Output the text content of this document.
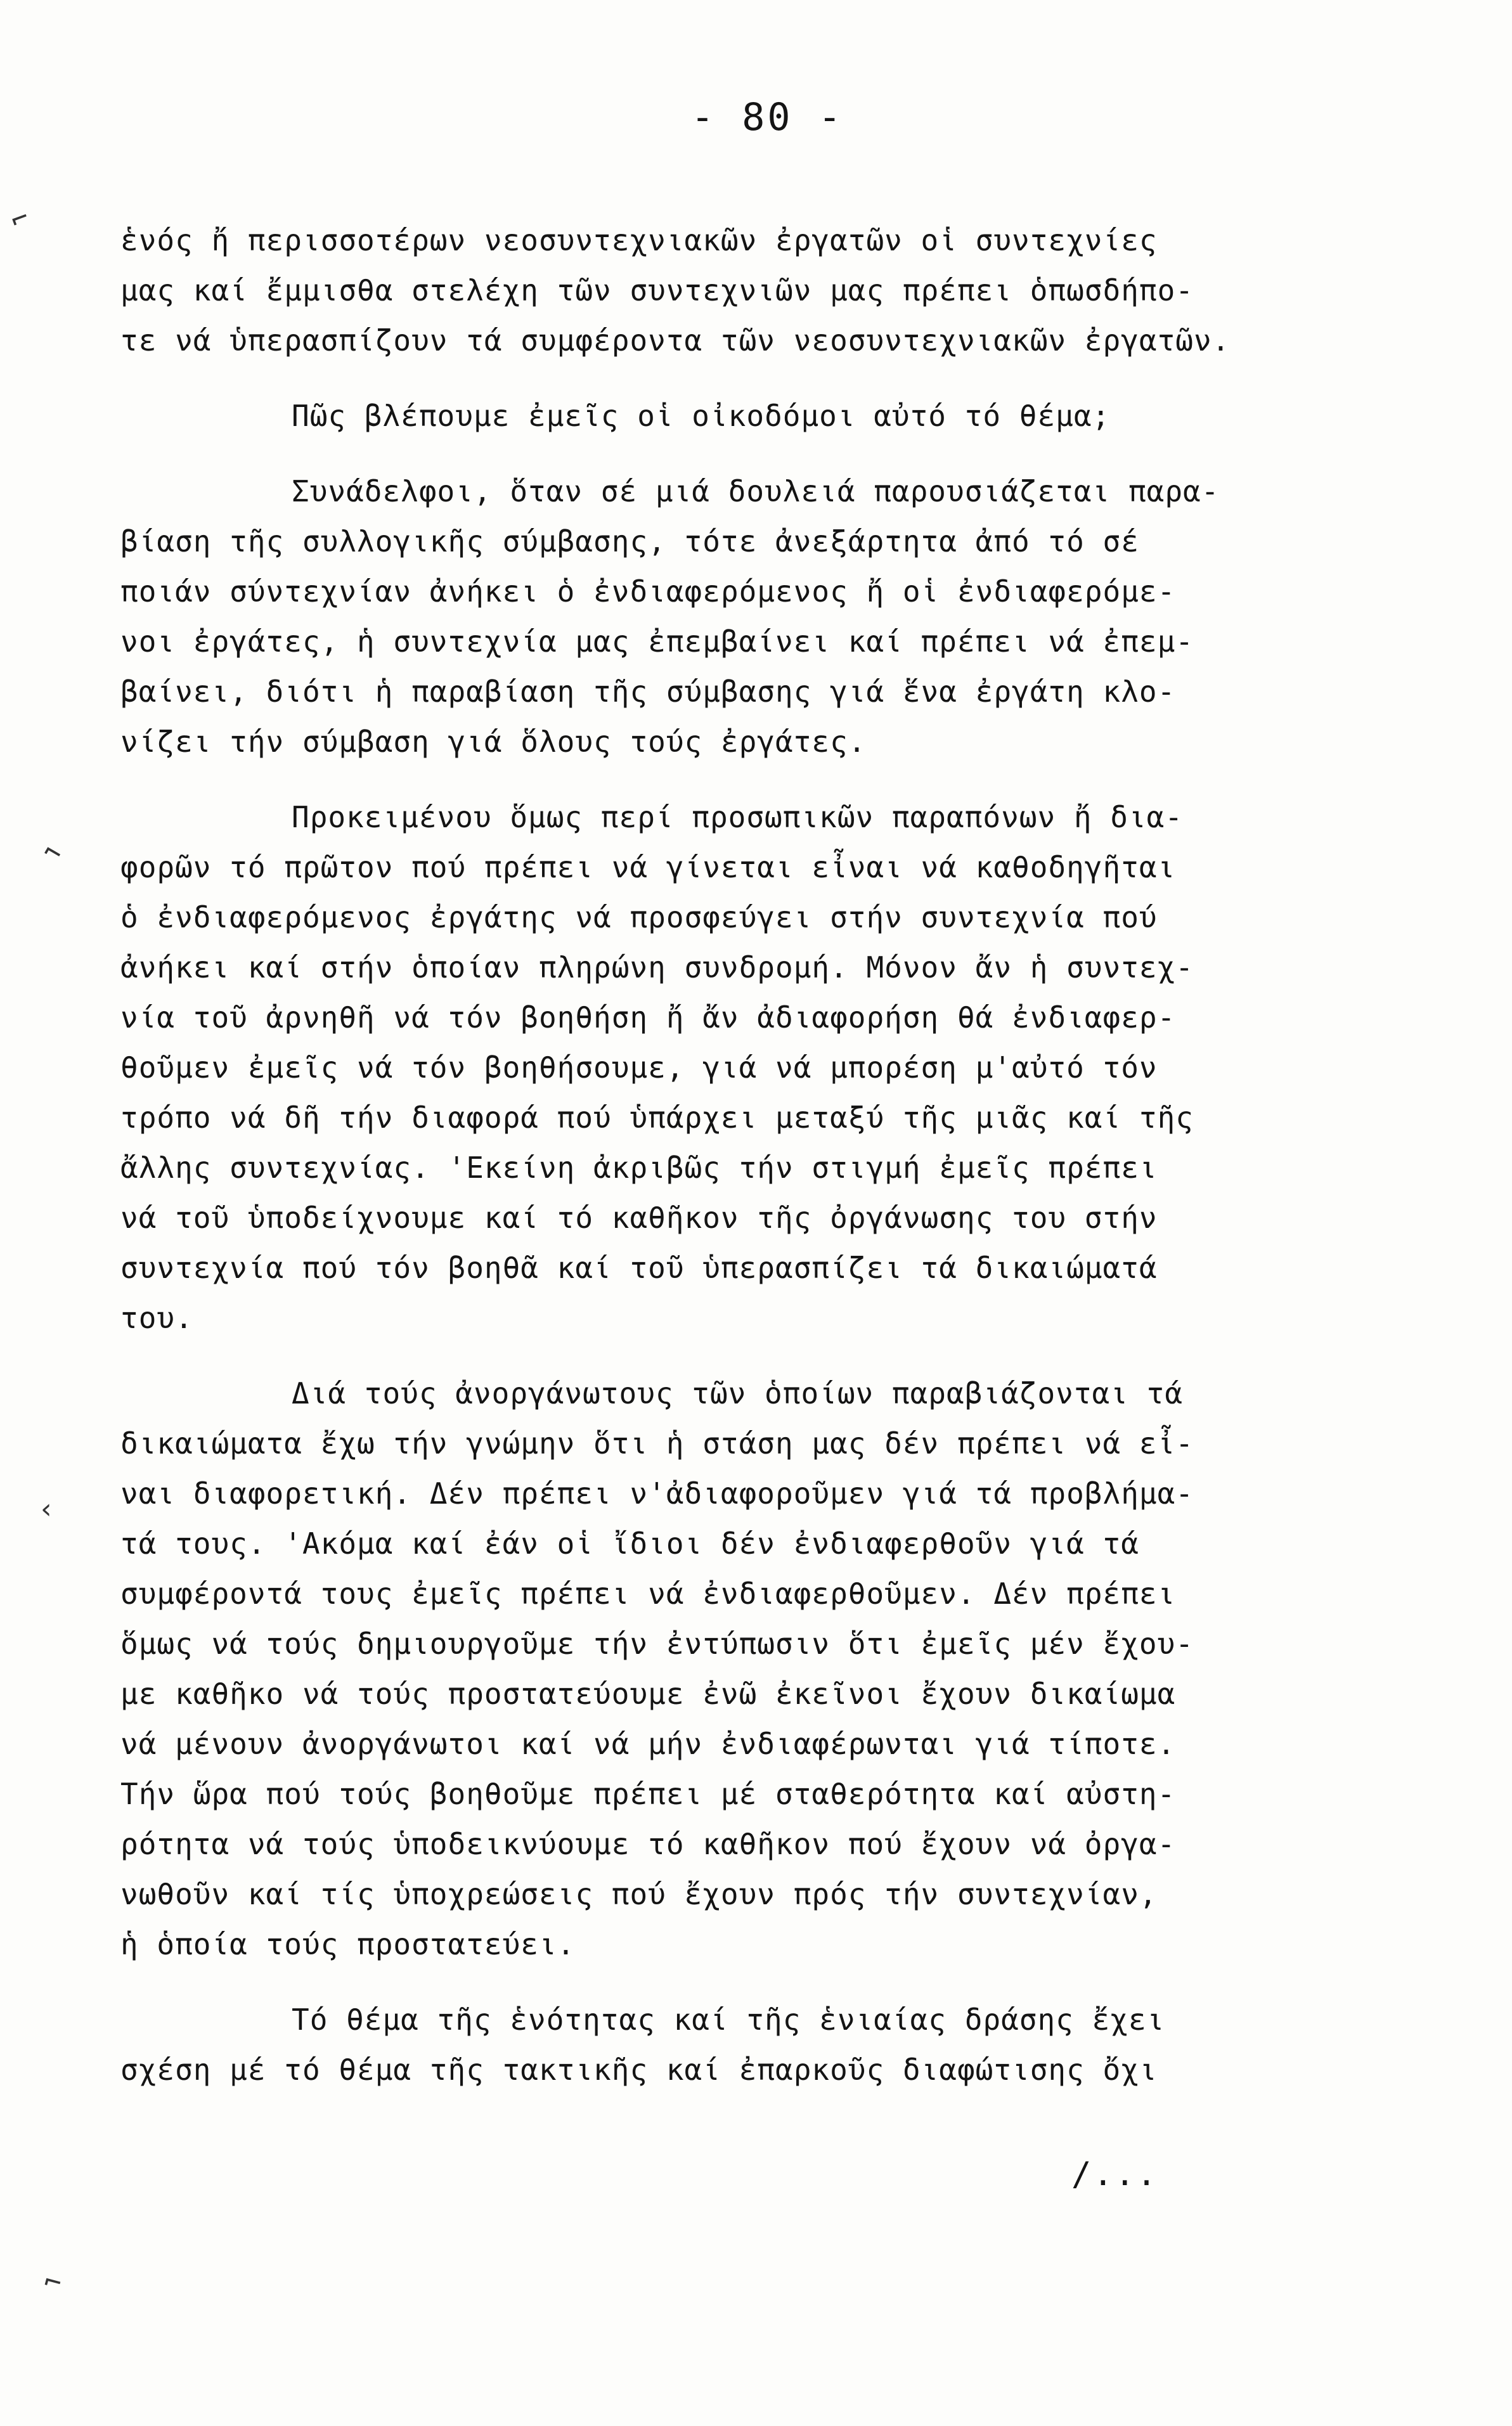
- 80 -
ἑνός ἤ περισσοτέρων νεοσυντεχνιακῶν ἐργατῶν οἱ συντεχνίες
μας καί ἔμμισθα στελέχη τῶν συντεχνιῶν μας πρέπει ὁπωσδήπο-
τε νά ὑπερασπίζουν τά συμφέροντα τῶν νεοσυντεχνιακῶν ἐργατῶν.
Πῶς βλέπουμε ἐμεῖς οἱ οἰκοδόμοι αὐτό τό θέμα;
Συνάδελφοι, ὅταν σέ μιά δουλειά παρουσιάζεται παρα-
βίαση τῆς συλλογικῆς σύμβασης, τότε ἀνεξάρτητα ἀπό τό σέ
ποιάν σύντεχνίαν ἀνήκει ὁ ἐνδιαφερόμενος ἤ οἱ ἐνδιαφερόμε-
νοι ἐργάτες, ἡ συντεχνία μας ἐπεμβαίνει καί πρέπει νά ἐπεμ-
βαίνει, διότι ἡ παραβίαση τῆς σύμβασης γιά ἕνα ἐργάτη κλο-
νίζει τήν σύμβαση γιά ὅλους τούς ἐργάτες.
Προκειμένου ὅμως περί προσωπικῶν παραπόνων ἤ δια-
φορῶν τό πρῶτον πού πρέπει νά γίνεται εἶναι νά καθοδηγῆται
ὁ ἐνδιαφερόμενος ἐργάτης νά προσφεύγει στήν συντεχνία πού
ἀνήκει καί στήν ὁποίαν πληρώνη συνδρομή. Μόνον ἄν ἡ συντεχ-
νία τοῦ ἀρνηθῆ νά τόν βοηθήση ἤ ἄν ἀδιαφορήση θά ἐνδιαφερ-
θοῦμεν ἐμεῖς νά τόν βοηθήσουμε, γιά νά μπορέση μ'αὐτό τόν
τρόπο νά δῆ τήν διαφορά πού ὑπάρχει μεταξύ τῆς μιᾶς καί τῆς
ἄλλης συντεχνίας. 'Εκείνη ἀκριβῶς τήν στιγμή ἐμεῖς πρέπει
νά τοῦ ὑποδείχνουμε καί τό καθῆκον τῆς ὀργάνωσης του στήν
συντεχνία πού τόν βοηθᾶ καί τοῦ ὑπερασπίζει τά δικαιώματά
του.
Διά τούς ἀνοργάνωτους τῶν ὁποίων παραβιάζονται τά
δικαιώματα ἔχω τήν γνώμην ὅτι ἡ στάση μας δέν πρέπει νά εἶ-
ναι διαφορετική. Δέν πρέπει ν'ἀδιαφοροῦμεν γιά τά προβλήμα-
τά τους. 'Ακόμα καί ἐάν οἱ ἴδιοι δέν ἐνδιαφερθοῦν γιά τά
συμφέροντά τους ἐμεῖς πρέπει νά ἐνδιαφερθοῦμεν. Δέν πρέπει
ὅμως νά τούς δημιουργοῦμε τήν ἐντύπωσιν ὅτι ἐμεῖς μέν ἔχου-
με καθῆκο νά τούς προστατεύουμε ἐνῶ ἐκεῖνοι ἔχουν δικαίωμα
νά μένουν ἀνοργάνωτοι καί νά μήν ἐνδιαφέρωνται γιά τίποτε.
Τήν ὥρα πού τούς βοηθοῦμε πρέπει μέ σταθερότητα καί αὐστη-
ρότητα νά τούς ὑποδεικνύουμε τό καθῆκον πού ἔχουν νά ὀργα-
νωθοῦν καί τίς ὑποχρεώσεις πού ἔχουν πρός τήν συντεχνίαν,
ἡ ὁποία τούς προστατεύει.
Τό θέμα τῆς ἑνότητας καί τῆς ἑνιαίας δράσης ἔχει
σχέση μέ τό θέμα τῆς τακτικῆς καί ἐπαρκοῦς διαφώτισης ὄχι
/...
⌐
⌐
‹
⌐
